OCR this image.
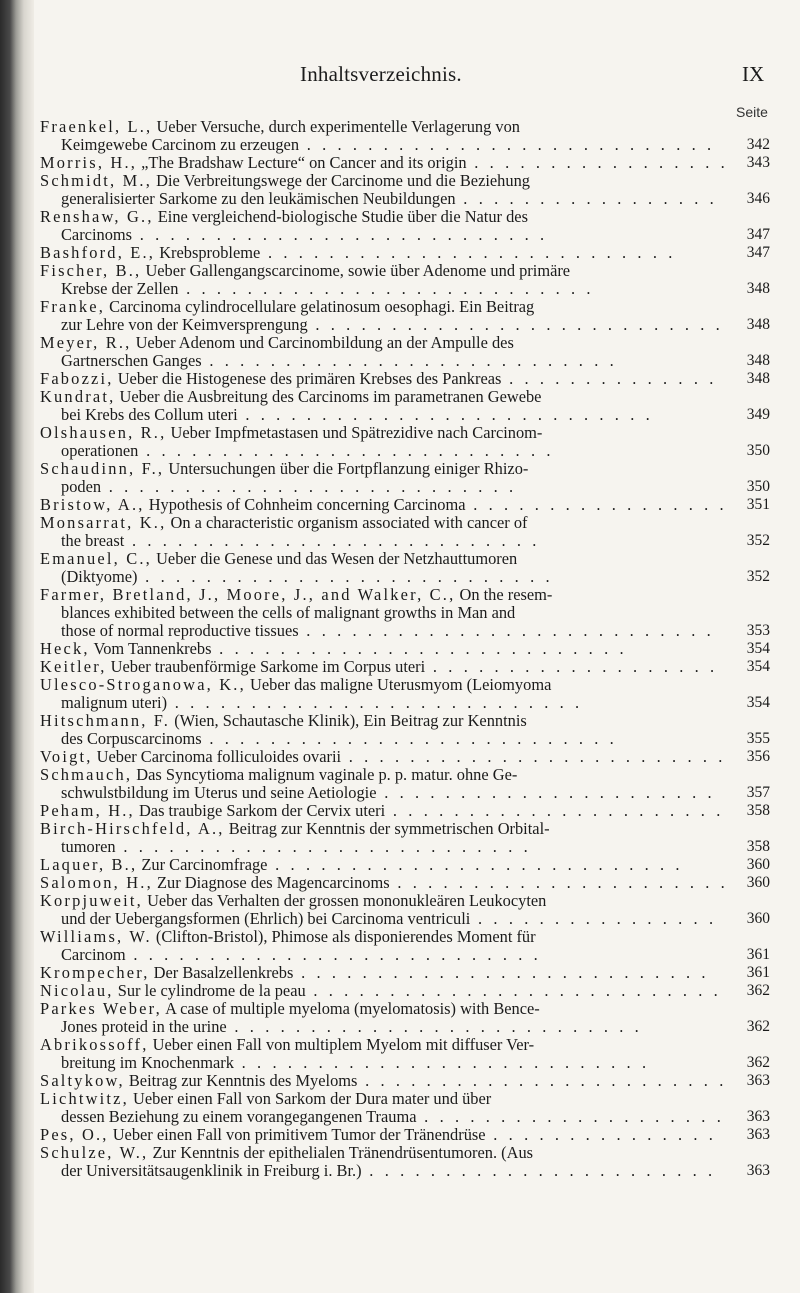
Inhaltsverzeichnis.	IX
Seite
Fraenkel, L., Ueber Versuche, durch experimentelle Verlagerung von
Keimgewebe Carcinom zu erzeugen . . . . . . . . . . . . . . . . . . . . . . . . . . . 342
Morris, H., „The Bradshaw Lecture“ on Cancer and its origin . . . . . . . . . . . . . . . . . 343
Schmidt, M., Die Verbreitungswege der Carcinome und die Beziehung
generalisierter Sarkome zu den leukämischen Neubildungen . . . . . . . . . . . . . . . . . 346
Renshaw, G., Eine vergleichend-biologische Studie über die Natur des
Carcinoms . . . . . . . . . . . . . . . . . . . . . . . . . . .	347
Bashford, E., Krebsprobleme . . . . . . . . . . . . . . . . . . . . . . . . . . .	347
Fischer, B., Ueber Gallengangscarcinome, sowie über Adenome und primäre
Krebse der Zellen . . . . . . . . . . . . . . . . . . . . . . . . . . .	348
Franke, Carcinoma cylindrocellulare gelatinosum oesophagi. Ein Beitrag
zur Lehre von der Keimversprengung . . . . . . . . . . . . . . . . . . . . . . . . . . . 348
Meyer, R., Ueber Adenom und Carcinombildung an der Ampulle des
Gartnerschen Ganges . . . . . . . . . . . . . . . . . . . . . . . . . . .	348
Fabozzi, Ueber die Histogenese des primären Krebses des Pankreas . . . . . . . . . . . . . . 348
Kundrat, Ueber die Ausbreitung des Carcinoms im parametranen Gewebe
bei Krebs des Collum uteri . . . . . . . . . . . . . . . . . . . . . . . . . . .	349
Olshausen, R., Ueber Impfmetastasen und Spätrezidive nach Carcinom-
operationen . . . . . . . . . . . . . . . . . . . . . . . . . . .	350
Schaudinn, F., Untersuchungen über die Fortpflanzung einiger Rhizo-
poden . . . . . . . . . . . . . . . . . . . . . . . . . . .	350
Bristow, A., Hypothesis of Cohnheim concerning Carcinoma . . . . . . . . . . . . . . . . . 351
Monsarrat, K., On a characteristic organism associated with cancer of
the breast . . . . . . . . . . . . . . . . . . . . . . . . . . .	352
Emanuel, C., Ueber die Genese und das Wesen der Netzhauttumoren
(Diktyome) . . . . . . . . . . . . . . . . . . . . . . . . . . .	352
Farmer, Bretland, J., Moore, J., and Walker, C., On the resem-
blances exhibited between the cells of malignant growths in Man and
those of normal reproductive tissues . . . . . . . . . . . . . . . . . . . . . . . . . . . 353
Heck, Vom Tannenkrebs . . . . . . . . . . . . . . . . . . . . . . . . . . .	354
Keitler, Ueber traubenförmige Sarkome im Corpus uteri . . . . . . . . . . . . . . . . . . . 354
Ulesco-Stroganowa, K., Ueber das maligne Uterusmyom (Leiomyoma
malignum uteri) . . . . . . . . . . . . . . . . . . . . . . . . . . .	354
Hitschmann, F. (Wien, Schautasche Klinik), Ein Beitrag zur Kenntnis
des Corpuscarcinoms . . . . . . . . . . . . . . . . . . . . . . . . . . .	355
Voigt, Ueber Carcinoma folliculoides ovarii . . . . . . . . . . . . . . . . . . . . . . . . . 356
Schmauch, Das Syncytioma malignum vaginale p. p. matur. ohne Ge-
schwulstbildung im Uterus und seine Aetiologie . . . . . . . . . . . . . . . . . . . . . . 357
Peham, H., Das traubige Sarkom der Cervix uteri . . . . . . . . . . . . . . . . . . . . . . 358
Birch-Hirschfeld, A., Beitrag zur Kenntnis der symmetrischen Orbital-
tumoren . . . . . . . . . . . . . . . . . . . . . . . . . . .	358
Laquer, B., Zur Carcinomfrage . . . . . . . . . . . . . . . . . . . . . . . . . . .	360
Salomon, H., Zur Diagnose des Magencarcinoms . . . . . . . . . . . . . . . . . . . . . . 360
Korpjuweit, Ueber das Verhalten der grossen mononukleären Leukocyten
und der Uebergangsformen (Ehrlich) bei Carcinoma ventriculi . . . . . . . . . . . . . . . . 360
Williams, W. (Clifton-Bristol), Phimose als disponierendes Moment für
Carcinom . . . . . . . . . . . . . . . . . . . . . . . . . . .	361
Krompecher, Der Basalzellenkrebs . . . . . . . . . . . . . . . . . . . . . . . . . . . 361
Nicolau, Sur le cylindrome de la peau . . . . . . . . . . . . . . . . . . . . . . . . . . . 362
Parkes Weber, A case of multiple myeloma (myelomatosis) with Bence-
Jones proteid in the urine . . . . . . . . . . . . . . . . . . . . . . . . . . .	362
Abrikossoff, Ueber einen Fall von multiplem Myelom mit diffuser Ver-
breitung im Knochenmark . . . . . . . . . . . . . . . . . . . . . . . . . . .	362
Saltykow, Beitrag zur Kenntnis des Myeloms . . . . . . . . . . . . . . . . . . . . . . . . 363
Lichtwitz, Ueber einen Fall von Sarkom der Dura mater und über
dessen Beziehung zu einem vorangegangenen Trauma . . . . . . . . . . . . . . . . . . . . 363
Pes, O., Ueber einen Fall von primitivem Tumor der Tränendrüse . . . . . . . . . . . . . . . 363
Schulze, W., Zur Kenntnis der epithelialen Tränendrüsentumoren. (Aus
der Universitätsaugenklinik in Freiburg i. Br.) . . . . . . . . . . . . . . . . . . . . . . . 363
